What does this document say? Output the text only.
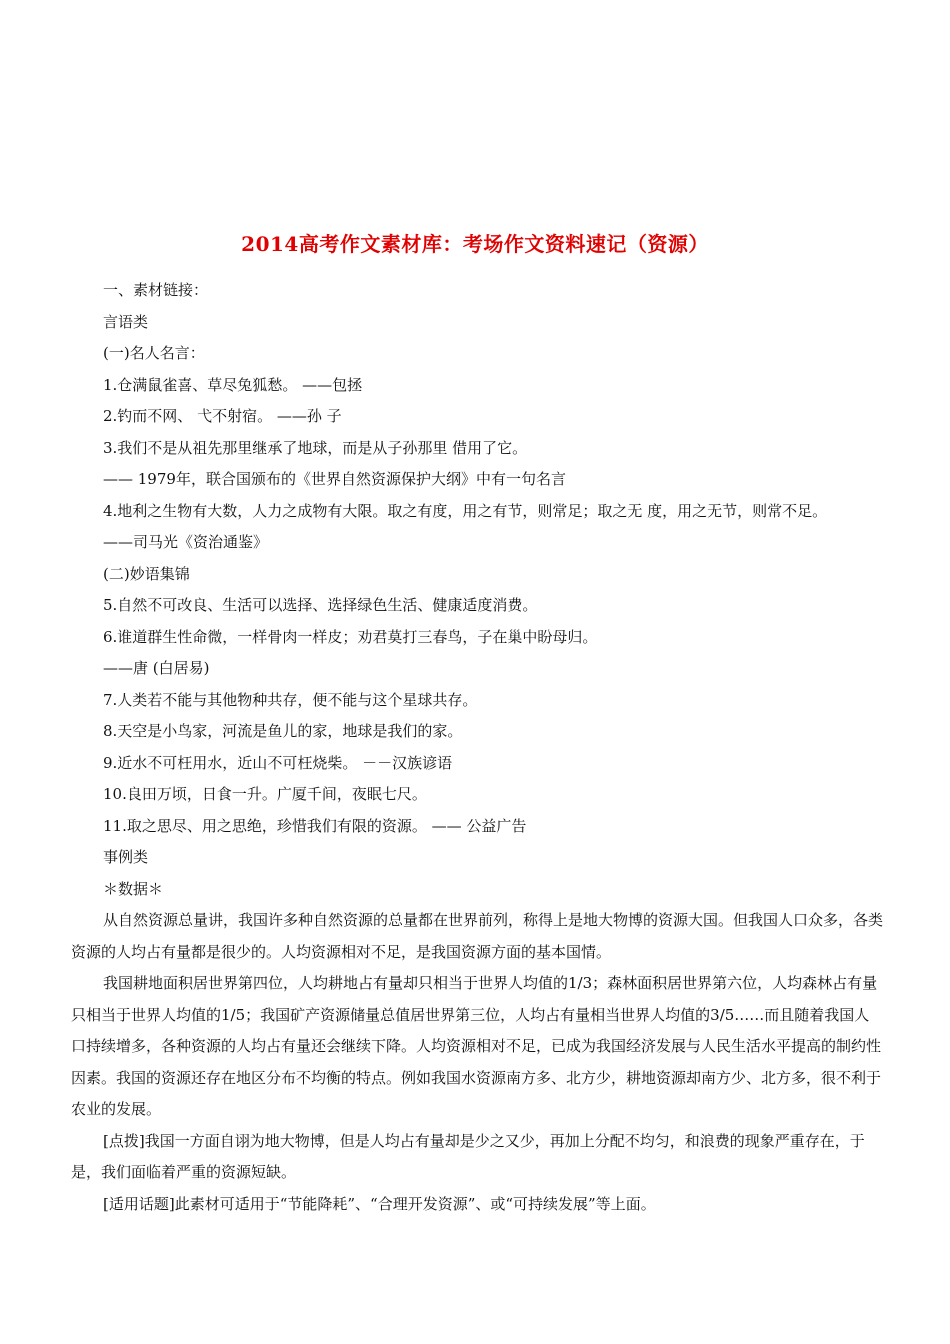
2014高考作文素材库：考场作文资料速记（资源）

一、素材链接：

言语类

(一)名人名言：

1.仓满鼠雀喜、草尽兔狐愁。 ——包拯

2.钓而不网、 弋不射宿。 ——孙 子

3.我们不是从祖先那里继承了地球，而是从子孙那里 借用了它。

—— 1979年，联合国颁布的《世界自然资源保护大纲》中有一句名言

4.地利之生物有大数，人力之成物有大限。取之有度，用之有节，则常足；取之无 度，用之无节，则常不足。

——司马光《资治通鉴》

(二)妙语集锦

5.自然不可改良、生活可以选择、选择绿色生活、健康适度消费。

6.谁道群生性命微，一样骨肉一样皮；劝君莫打三春鸟，子在巢中盼母归。

——唐 (白居易)

7.人类若不能与其他物种共存，便不能与这个星球共存。

8.天空是小鸟家，河流是鱼儿的家，地球是我们的家。

9.近水不可枉用水，近山不可枉烧柴。 －－汉族谚语

10.良田万顷，日食一升。广厦千间，夜眠七尺。

11.取之思尽、用之思绝，珍惜我们有限的资源。 —— 公益广告

事例类

＊数据＊

从自然资源总量讲，我国许多种自然资源的总量都在世界前列，称得上是地大物博的资源大国。但我国人口众多，各类资源的人均占有量都是很少的。人均资源相对不足，是我国资源方面的基本国情。

我国耕地面积居世界第四位，人均耕地占有量却只相当于世界人均值的1/3；森林面积居世界第六位，人均森林占有量只相当于世界人均值的1/5；我国矿产资源储量总值居世界第三位，人均占有量相当世界人均值的3/5……而且随着我国人口持续增多，各种资源的人均占有量还会继续下降。人均资源相对不足，已成为我国经济发展与人民生活水平提高的制约性因素。我国的资源还存在地区分布不均衡的特点。例如我国水资源南方多、北方少，耕地资源却南方少、北方多，很不利于农业的发展。

[点拨]我国一方面自诩为地大物博，但是人均占有量却是少之又少，再加上分配不均匀，和浪费的现象严重存在，于是，我们面临着严重的资源短缺。

[适用话题]此素材可适用于“节能降耗”、“合理开发资源”、或“可持续发展”等上面。
